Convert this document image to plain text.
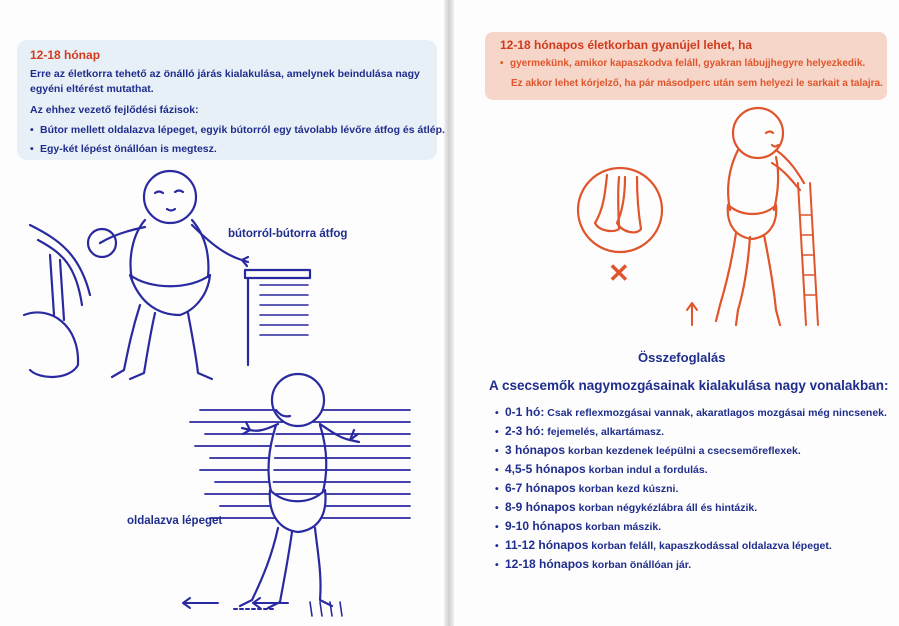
12-18 hónap
Erre az életkorra tehető az önálló járás kialakulása, amelynek beindulása nagy
egyéni eltérést mutathat.
Az ehhez vezető fejlődési fázisok:
• Bútor mellett oldalazva lépeget, egyik bútorról egy távolabb lévőre átfog és átlép.
• Egy-két lépést önállóan is megtesz.
bútorról-bútorra átfog
oldalazva lépeget
12-18 hónapos életkorban gyanújel lehet, ha
• gyermekünk, amikor kapaszkodva feláll, gyakran lábujjhegyre helyezkedik.
Ez akkor lehet kórjelző, ha pár másodperc után sem helyezi le sarkait a talajra.
✕
Összefoglalás
A csecsemők nagymozgásainak kialakulása nagy vonalakban:
• 0-1 hó: Csak reflexmozgásai vannak, akaratlagos mozgásai még nincsenek.
• 2-3 hó: fejemelés, alkartámasz.
• 3 hónapos korban kezdenek leépülni a csecsemőreflexek.
• 4,5-5 hónapos korban indul a fordulás.
• 6-7 hónapos korban kezd kúszni.
• 8-9 hónapos korban négykézlábra áll és hintázik.
• 9-10 hónapos korban mászik.
• 11-12 hónapos korban feláll, kapaszkodással oldalazva lépeget.
• 12-18 hónapos korban önállóan jár.
